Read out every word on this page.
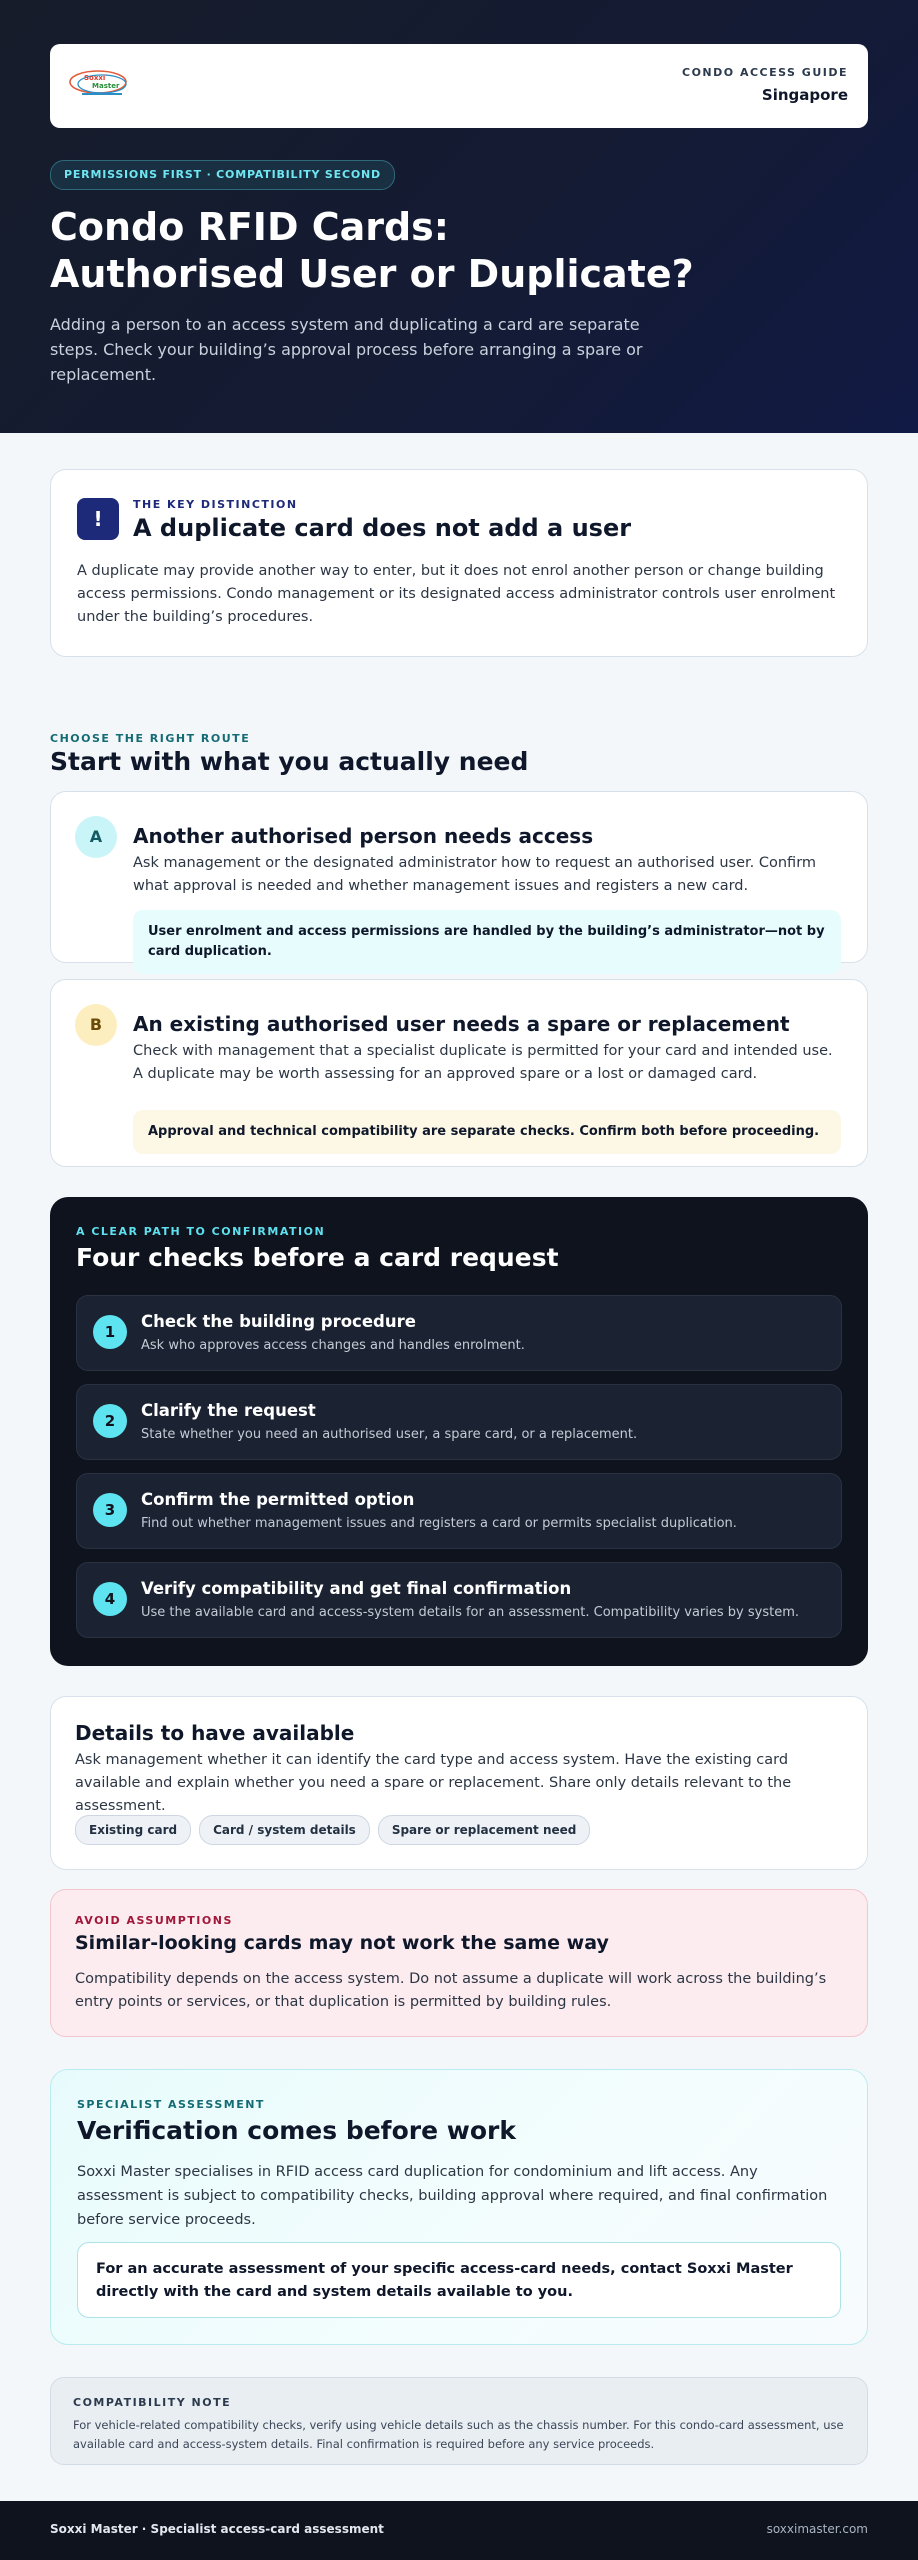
Soxxi
Master
CONDO ACCESS GUIDE
Singapore
PERMISSIONS FIRST · COMPATIBILITY SECOND
Condo RFID Cards:
Authorised User or Duplicate?

Adding a person to an access system and duplicating a card are separate steps. Check your building’s approval process before arranging a spare or replacement.

!
THE KEY DISTINCTION
A duplicate card does not add a user

A duplicate may provide another way to enter, but it does not enrol another person or change building access permissions. Condo management or its designated access administrator controls user enrolment under the building’s procedures.

CHOOSE THE RIGHT ROUTE
Start with what you actually need
A	Another authorised person needs access

Ask management or the designated administrator how to request an authorised user. Confirm what approval is needed and whether management issues and registers a new card.

User enrolment and access permissions are handled by the building’s administrator—not by card duplication.
B	An existing authorised user needs a spare or replacement

Check with management that a specialist duplicate is permitted for your card and intended use. A duplicate may be worth assessing for an approved spare or a lost or damaged card.

Approval and technical compatibility are separate checks. Confirm both before proceeding.
A CLEAR PATH TO CONFIRMATION
Four checks before a card request
1
Check the building procedure
Ask who approves access changes and handles enrolment.
2
Clarify the request
State whether you need an authorised user, a spare card, or a replacement.
3
Confirm the permitted option
Find out whether management issues and registers a card or permits specialist duplication.
4
Verify compatibility and get final confirmation
Use the available card and access-system details for an assessment. Compatibility varies by system.
Details to have available

Ask management whether it can identify the card type and access system. Have the existing card available and explain whether you need a spare or replacement. Share only details relevant to the assessment.

Existing card	Card / system details	Spare or replacement need
AVOID ASSUMPTIONS
Similar-looking cards may not work the same way

Compatibility depends on the access system. Do not assume a duplicate will work across the building’s entry points or services, or that duplication is permitted by building rules.

SPECIALIST ASSESSMENT
Verification comes before work

Soxxi Master specialises in RFID access card duplication for condominium and lift access. Any assessment is subject to compatibility checks, building approval where required, and final confirmation before service proceeds.

For an accurate assessment of your specific access-card needs, contact Soxxi Master directly with the card and system details available to you.
COMPATIBILITY NOTE

For vehicle-related compatibility checks, verify using vehicle details such as the chassis number. For this condo-card assessment, use available card and access-system details. Final confirmation is required before any service proceeds.

Soxxi Master · Specialist access-card assessment	soxximaster.com
